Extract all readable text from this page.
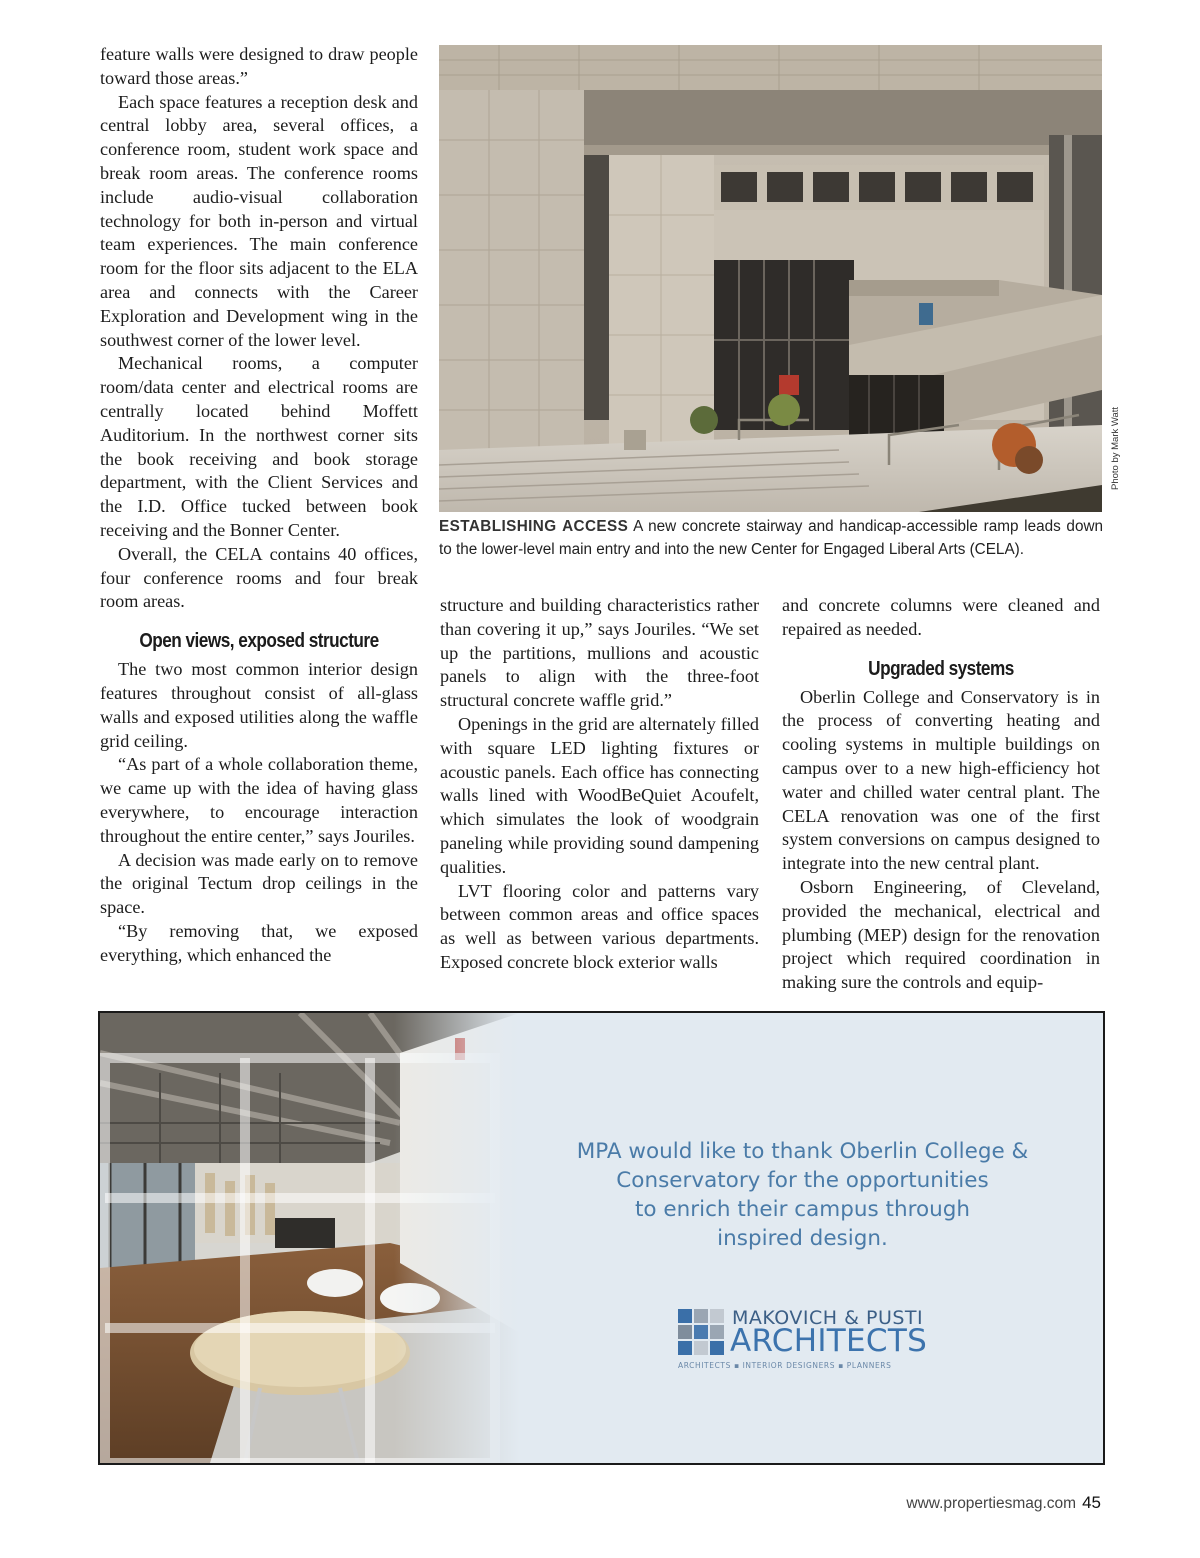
feature walls were designed to draw people toward those areas.”

Each space features a reception desk and central lobby area, several offices, a conference room, student work space and break room areas. The conference rooms include audio-visual collaboration technology for both in-person and virtual team experiences. The main conference room for the floor sits adjacent to the ELA area and connects with the Career Exploration and Development wing in the southwest corner of the lower level.

Mechanical rooms, a computer room/data center and electrical rooms are centrally located behind Moffett Auditorium. In the northwest corner sits the book receiving and book storage department, with the Client Services and the I.D. Office tucked between book receiving and the Bonner Center.

Overall, the CELA contains 40 offices, four conference rooms and four break room areas.

Open views, exposed structure

The two most common interior design features throughout consist of all-glass walls and exposed utilities along the waffle grid ceiling.

“As part of a whole collaboration theme, we came up with the idea of having glass everywhere, to encourage interaction throughout the entire center,” says Jouriles.

A decision was made early on to remove the original Tectum drop ceilings in the space.

“By removing that, we exposed everything, which enhanced the

Photo by Mark Watt
ESTABLISHING ACCESS A new concrete stairway and handicap-accessible ramp leads down to the lower-level main entry and into the new Center for Engaged Liberal Arts (CELA).

structure and building characteristics rather than covering it up,” says Jouriles. “We set up the partitions, mullions and acoustic panels to align with the three-foot structural concrete waffle grid.”

Openings in the grid are alternately filled with square LED lighting fixtures or acoustic panels. Each office has connecting walls lined with WoodBeQuiet Acoufelt, which simulates the look of woodgrain paneling while providing sound dampening qualities.

LVT flooring color and patterns vary between common areas and office spaces as well as between various departments. Exposed concrete block exterior walls

and concrete columns were cleaned and repaired as needed.

Upgraded systems

Oberlin College and Conservatory is in the process of converting heating and cooling systems in multiple buildings on campus over to a new high-efficiency hot water and chilled water central plant. The CELA renovation was one of the first system conversions on campus designed to integrate into the new central plant.

Osborn Engineering, of Cleveland, provided the mechanical, electrical and plumbing (MEP) design for the renovation project which required coordination in making sure the controls and equip-

MPA would like to thank Oberlin College &
Conservatory for the opportunities
to enrich their campus through
inspired design.
MAKOVICH & PUSTI
ARCHITECTS
ARCHITECTS ▪ INTERIOR DESIGNERS ▪ PLANNERS
www.propertiesmag.com 45
